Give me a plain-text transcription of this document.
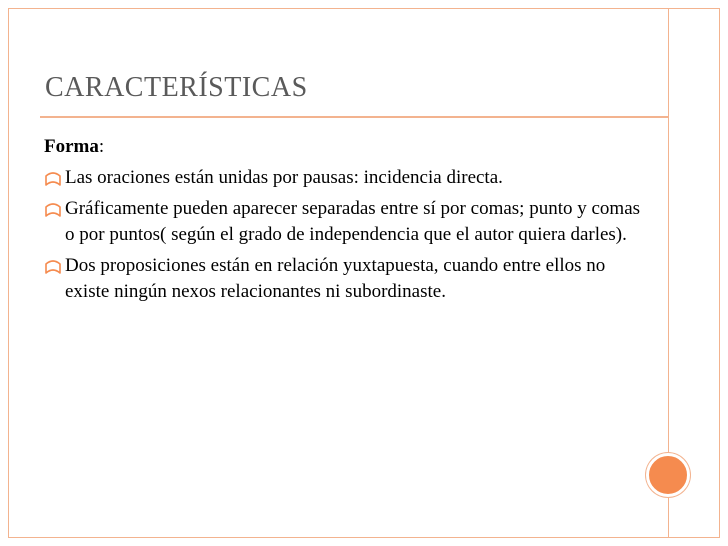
CARACTERÍSTICAS

Forma:

Las oraciones están unidas por pausas: incidencia directa.
Gráficamente pueden aparecer separadas entre sí por comas; punto y comas o por puntos( según el grado de independencia que el autor quiera darles).
Dos proposiciones están en relación yuxtapuesta, cuando entre ellos no existe ningún nexos relacionantes ni subordinaste.
